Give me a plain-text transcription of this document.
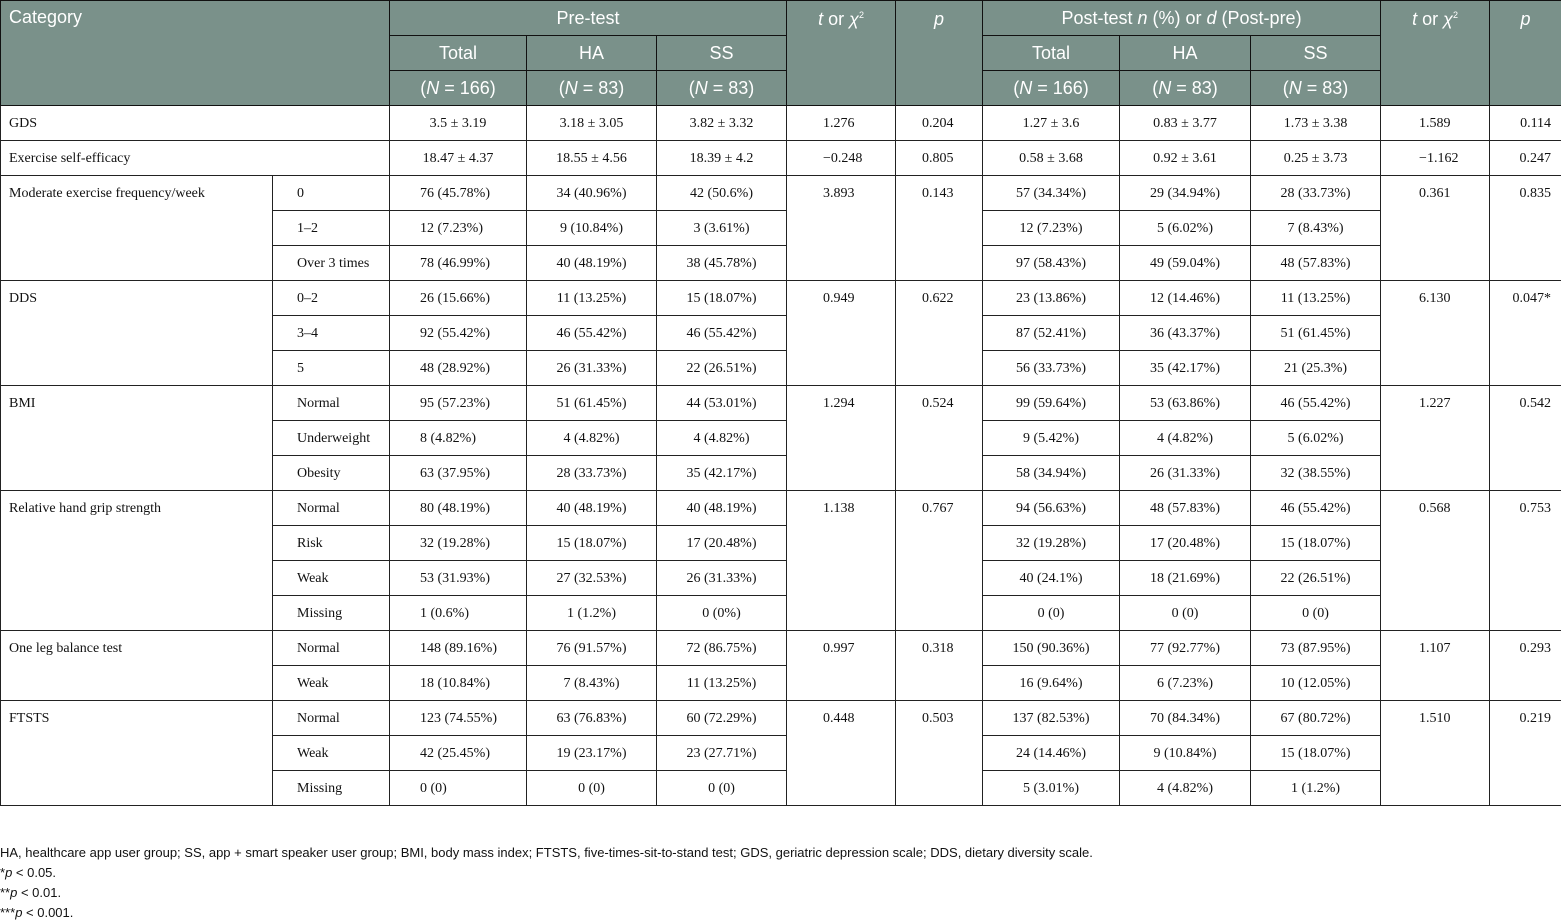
Category		Pre-test			t or $\chi^2$	p	Post-test n (%) or d (Post-pre)			t or $\chi^2$	p
		Total	HA	SS			Total	HA	SS		
		(N = 166)	(N = 83)	(N = 83)			(N = 166)	(N = 83)	(N = 83)		
GDS		3.5 ± 3.19	3.18 ± 3.05	3.82 ± 3.32	1.276	0.204	1.27 ± 3.6	0.83 ± 3.77	1.73 ± 3.38	1.589	0.114
Exercise self-efficacy		18.47 ± 4.37	18.55 ± 4.56	18.39 ± 4.2	−0.248	0.805	0.58 ± 3.68	0.92 ± 3.61	0.25 ± 3.73	−1.162	0.247
Moderate exercise frequency/week	0	76 (45.78%)	34 (40.96%)	42 (50.6%)	3.893	0.143	57 (34.34%)	29 (34.94%)	28 (33.73%)	0.361	0.835
	1–2	12 (7.23%)	9 (10.84%)	3 (3.61%)			12 (7.23%)	5 (6.02%)	7 (8.43%)		
	Over 3 times	78 (46.99%)	40 (48.19%)	38 (45.78%)			97 (58.43%)	49 (59.04%)	48 (57.83%)		
DDS	0–2	26 (15.66%)	11 (13.25%)	15 (18.07%)	0.949	0.622	23 (13.86%)	12 (14.46%)	11 (13.25%)	6.130	0.047*
	3–4	92 (55.42%)	46 (55.42%)	46 (55.42%)			87 (52.41%)	36 (43.37%)	51 (61.45%)		
	5	48 (28.92%)	26 (31.33%)	22 (26.51%)			56 (33.73%)	35 (42.17%)	21 (25.3%)		
BMI	Normal	95 (57.23%)	51 (61.45%)	44 (53.01%)	1.294	0.524	99 (59.64%)	53 (63.86%)	46 (55.42%)	1.227	0.542
	Underweight	8 (4.82%)	4 (4.82%)	4 (4.82%)			9 (5.42%)	4 (4.82%)	5 (6.02%)		
	Obesity	63 (37.95%)	28 (33.73%)	35 (42.17%)			58 (34.94%)	26 (31.33%)	32 (38.55%)		
Relative hand grip strength	Normal	80 (48.19%)	40 (48.19%)	40 (48.19%)	1.138	0.767	94 (56.63%)	48 (57.83%)	46 (55.42%)	0.568	0.753
	Risk	32 (19.28%)	15 (18.07%)	17 (20.48%)			32 (19.28%)	17 (20.48%)	15 (18.07%)		
	Weak	53 (31.93%)	27 (32.53%)	26 (31.33%)			40 (24.1%)	18 (21.69%)	22 (26.51%)		
	Missing	1 (0.6%)	1 (1.2%)	0 (0%)			0 (0)	0 (0)	0 (0)		
One leg balance test	Normal	148 (89.16%)	76 (91.57%)	72 (86.75%)	0.997	0.318	150 (90.36%)	77 (92.77%)	73 (87.95%)	1.107	0.293
	Weak	18 (10.84%)	7 (8.43%)	11 (13.25%)			16 (9.64%)	6 (7.23%)	10 (12.05%)		
FTSTS	Normal	123 (74.55%)	63 (76.83%)	60 (72.29%)	0.448	0.503	137 (82.53%)	70 (84.34%)	67 (80.72%)	1.510	0.219
	Weak	42 (25.45%)	19 (23.17%)	23 (27.71%)			24 (14.46%)	9 (10.84%)	15 (18.07%)		
	Missing	0 (0)	0 (0)	0 (0)			5 (3.01%)	4 (4.82%)	1 (1.2%)		
HA, healthcare app user group; SS, app + smart speaker user group; BMI, body mass index; FTSTS, five-times-sit-to-stand test; GDS, geriatric depression scale; DDS, dietary diversity scale.
*p < 0.05.
**p < 0.01.
***p < 0.001.
